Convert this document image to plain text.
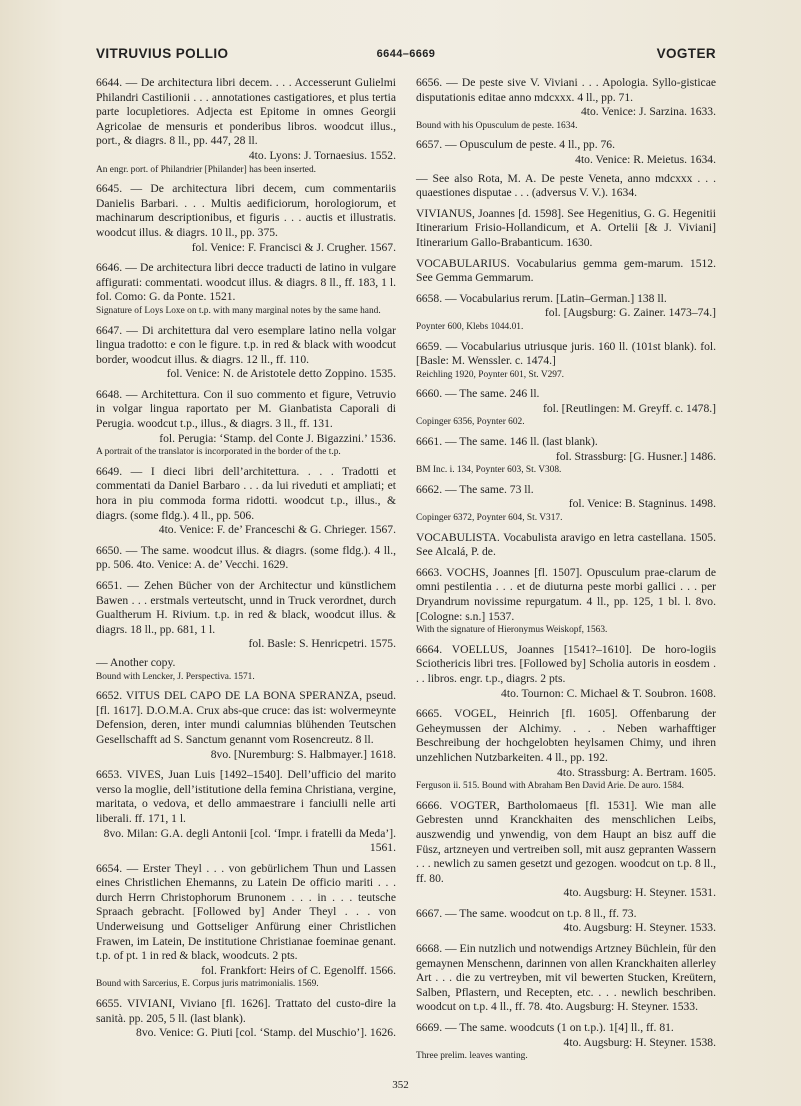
VITRUVIUS POLLIO	6644–6669	VOGTER

6644. — De architectura libri decem. . . . Accesserunt Gulielmi Philandri Castilionii . . . annotationes castigatiores, et plus tertia parte locupletiores. Adjecta est Epitome in omnes Georgii Agricolae de mensuris et ponderibus libros. woodcut illus., port., & diagrs. 8 ll., pp. 447, 28 ll.

4to. Lyons: J. Tornaesius. 1552.

An engr. port. of Philandrier [Philander] has been inserted.

6645. — De architectura libri decem, cum commentariis Danielis Barbari. . . . Multis aedificiorum, horologiorum, et machinarum descriptionibus, et figuris . . . auctis et illustratis. woodcut illus. & diagrs. 10 ll., pp. 375.

fol. Venice: F. Francisci & J. Crugher. 1567.

6646. — De architectura libri decce traducti de latino in vulgare affigurati: commentati. woodcut illus. & diagrs. 8 ll., ff. 183, 1 l. fol. Como: G. da Ponte. 1521.

Signature of Loys Loxe on t.p. with many marginal notes by the same hand.

6647. — Di architettura dal vero esemplare latino nella volgar lingua tradotto: e con le figure. t.p. in red & black with woodcut border, woodcut illus. & diagrs. 12 ll., ff. 110.

fol. Venice: N. de Aristotele detto Zoppino. 1535.

6648. — Architettura. Con il suo commento et figure, Vetruvio in volgar lingua raportato per M. Gianbatista Caporali di Perugia. woodcut t.p., illus., & diagrs. 3 ll., ff. 131.

fol. Perugia: ‘Stamp. del Conte J. Bigazzini.’ 1536.

A portrait of the translator is incorporated in the border of the t.p.

6649. — I dieci libri dell’architettura. . . . Tradotti et commentati da Daniel Barbaro . . . da lui riveduti et ampliati; et hora in piu commoda forma ridotti. woodcut t.p., illus., & diagrs. (some fldg.). 4 ll., pp. 506.

4to. Venice: F. de’ Franceschi & G. Chrieger. 1567.

6650. — The same. woodcut illus. & diagrs. (some fldg.). 4 ll., pp. 506. 4to. Venice: A. de’ Vecchi. 1629.

6651. — Zehen Bücher von der Architectur und künstlichem Bawen . . . erstmals verteutscht, unnd in Truck verordnet, durch Gualtherum H. Rivium. t.p. in red & black, woodcut illus. & diagrs. 18 ll., pp. 681, 1 l.

fol. Basle: S. Henricpetri. 1575.

— Another copy.

Bound with Lencker, J. Perspectiva. 1571.

6652. VITUS DEL CAPO DE LA BONA SPERANZA, pseud. [fl. 1617]. D.O.M.A. Crux abs-que cruce: das ist: wolvermeynte Defension, deren, inter mundi calumnias blühenden Teutschen Gesellschafft ad S. Sanctum genannt vom Rosencreutz. 8 ll.

8vo. [Nuremburg: S. Halbmayer.] 1618.

6653. VIVES, Juan Luis [1492–1540]. Dell’ufficio del marito verso la moglie, dell’istitutione della femina Christiana, vergine, maritata, o vedova, et dello ammaestrare i fanciulli nelle arti liberali. ff. 171, 1 l.

8vo. Milan: G.A. degli Antonii [col. ‘Impr. i fratelli da Meda’]. 1561.

6654. — Erster Theyl . . . von gebürlichem Thun und Lassen eines Christlichen Ehemanns, zu Latein De officio mariti . . . durch Herrn Christophorum Brunonem . . . in . . . teutsche Spraach gebracht. [Followed by] Ander Theyl . . . von Underweisung und Gottseliger Anfürung einer Christlichen Frawen, im Latein, De institutione Christianae foeminae genant. t.p. of pt. 1 in red & black, woodcuts. 2 pts.

fol. Frankfort: Heirs of C. Egenolff. 1566.

Bound with Sarcerius, E. Corpus juris matrimonialis. 1569.

6655. VIVIANI, Viviano [fl. 1626]. Trattato del custo-dire la sanità. pp. 205, 5 ll. (last blank).

8vo. Venice: G. Piuti [col. ‘Stamp. del Muschio’]. 1626.

6656. — De peste sive V. Viviani . . . Apologia. Syllo-gisticae disputationis editae anno mdcxxx. 4 ll., pp. 71.

4to. Venice: J. Sarzina. 1633.

Bound with his Opusculum de peste. 1634.

6657. — Opusculum de peste. 4 ll., pp. 76.

4to. Venice: R. Meietus. 1634.

— See also Rota, M. A. De peste Veneta, anno mdcxxx . . . quaestiones disputae . . . (adversus V. V.). 1634.

VIVIANUS, Joannes [d. 1598]. See Hegenitius, G. G. Hegenitii Itinerarium Frisio-Hollandicum, et A. Ortelii [& J. Viviani] Itinerarium Gallo-Brabanticum. 1630.

VOCABULARIUS. Vocabularius gemma gem-marum. 1512. See Gemma Gemmarum.

6658. — Vocabularius rerum. [Latin–German.] 138 ll.

fol. [Augsburg: G. Zainer. 1473–74.]

Poynter 600, Klebs 1044.01.

6659. — Vocabularius utriusque juris. 160 ll. (101st blank). fol. [Basle: M. Wenssler. c. 1474.]

Reichling 1920, Poynter 601, St. V297.

6660. — The same. 246 ll.

fol. [Reutlingen: M. Greyff. c. 1478.]

Copinger 6356, Poynter 602.

6661. — The same. 146 ll. (last blank).

fol. Strassburg: [G. Husner.] 1486.

BM Inc. i. 134, Poynter 603, St. V308.

6662. — The same. 73 ll.

fol. Venice: B. Stagninus. 1498.

Copinger 6372, Poynter 604, St. V317.

VOCABULISTA. Vocabulista aravigo en letra castellana. 1505. See Alcalá, P. de.

6663. VOCHS, Joannes [fl. 1507]. Opusculum prae-clarum de omni pestilentia . . . et de diuturna peste morbi gallici . . . per Dryandrum novissime repurgatum. 4 ll., pp. 125, 1 bl. l. 8vo. [Cologne: s.n.] 1537.

With the signature of Hieronymus Weiskopf, 1563.

6664. VOELLUS, Joannes [1541?–1610]. De horo-logiis Sciothericis libri tres. [Followed by] Scholia autoris in eosdem . . . libros. engr. t.p., diagrs. 2 pts.

4to. Tournon: C. Michael & T. Soubron. 1608.

6665. VOGEL, Heinrich [fl. 1605]. Offenbarung der Geheymussen der Alchimy. . . . Neben warhafftiger Beschreibung der hochgelobten heylsamen Chimy, und ihren unzehlichen Nutzbarkeiten. 4 ll., pp. 192.

4to. Strassburg: A. Bertram. 1605.

Ferguson ii. 515. Bound with Abraham Ben David Arie. De auro. 1584.

6666. VOGTER, Bartholomaeus [fl. 1531]. Wie man alle Gebresten unnd Kranckhaiten des menschlichen Leibs, auszwendig und ynwendig, von dem Haupt an bisz auff die Füsz, artzneyen und vertreiben soll, mit ausz gepranten Wassern . . . newlich zu samen gesetzt und gezogen. woodcut on t.p. 8 ll., ff. 80.

4to. Augsburg: H. Steyner. 1531.

6667. — The same. woodcut on t.p. 8 ll., ff. 73.

4to. Augsburg: H. Steyner. 1533.

6668. — Ein nutzlich und notwendigs Artzney Büchlein, für den gemaynen Menschenn, darinnen von allen Kranckhaiten allerley Art . . . die zu vertreyben, mit vil bewerten Stucken, Kreütern, Salben, Pflastern, und Recepten, etc. . . . newlich beschriben. woodcut on t.p. 4 ll., ff. 78. 4to. Augsburg: H. Steyner. 1533.

6669. — The same. woodcuts (1 on t.p.). 1[4] ll., ff. 81.

4to. Augsburg: H. Steyner. 1538.

Three prelim. leaves wanting.

352
